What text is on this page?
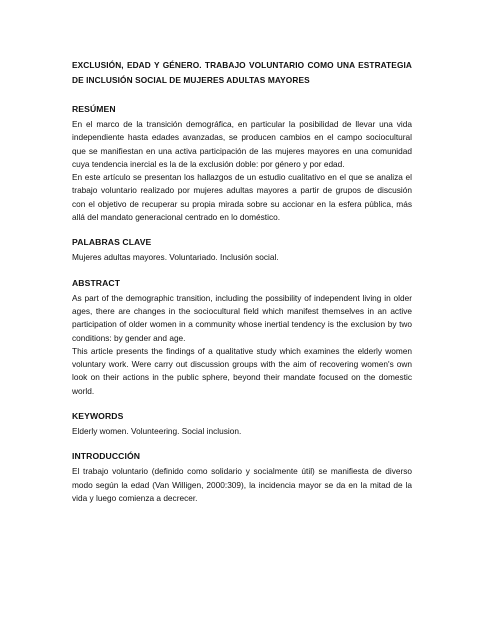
EXCLUSIÓN, EDAD Y GÉNERO. TRABAJO VOLUNTARIO COMO UNA ESTRATEGIA DE INCLUSIÓN SOCIAL DE MUJERES ADULTAS MAYORES
RESÚMEN

En el marco de la transición demográfica, en particular la posibilidad de llevar una vida independiente hasta edades avanzadas, se producen cambios en el campo sociocultural que se manifiestan en una activa participación de las mujeres mayores en una comunidad cuya tendencia inercial es la de la exclusión doble: por género y por edad.

En este artículo se presentan los hallazgos de un estudio cualitativo en el que se analiza el trabajo voluntario realizado por mujeres adultas mayores a partir de grupos de discusión con el objetivo de recuperar su propia mirada sobre su accionar en la esfera pública, más allá del mandato generacional centrado en lo doméstico.

PALABRAS CLAVE

Mujeres adultas mayores. Voluntariado. Inclusión social.

ABSTRACT

As part of the demographic transition, including the possibility of independent living in older ages, there are changes in the sociocultural field which manifest themselves in an active participation of older women in a community whose inertial tendency is the exclusion by two conditions: by gender and age.

This article presents the findings of a qualitative study which examines the elderly women voluntary work. Were carry out discussion groups with the aim of recovering women's own look on their actions in the public sphere, beyond their mandate focused on the domestic world.

KEYWORDS

Elderly women. Volunteering. Social inclusion.

INTRODUCCIÓN

El trabajo voluntario (definido como solidario y socialmente útil) se manifiesta de diverso modo según la edad (Van Willigen, 2000:309), la incidencia mayor se da en la mitad de la vida y luego comienza a decrecer.
